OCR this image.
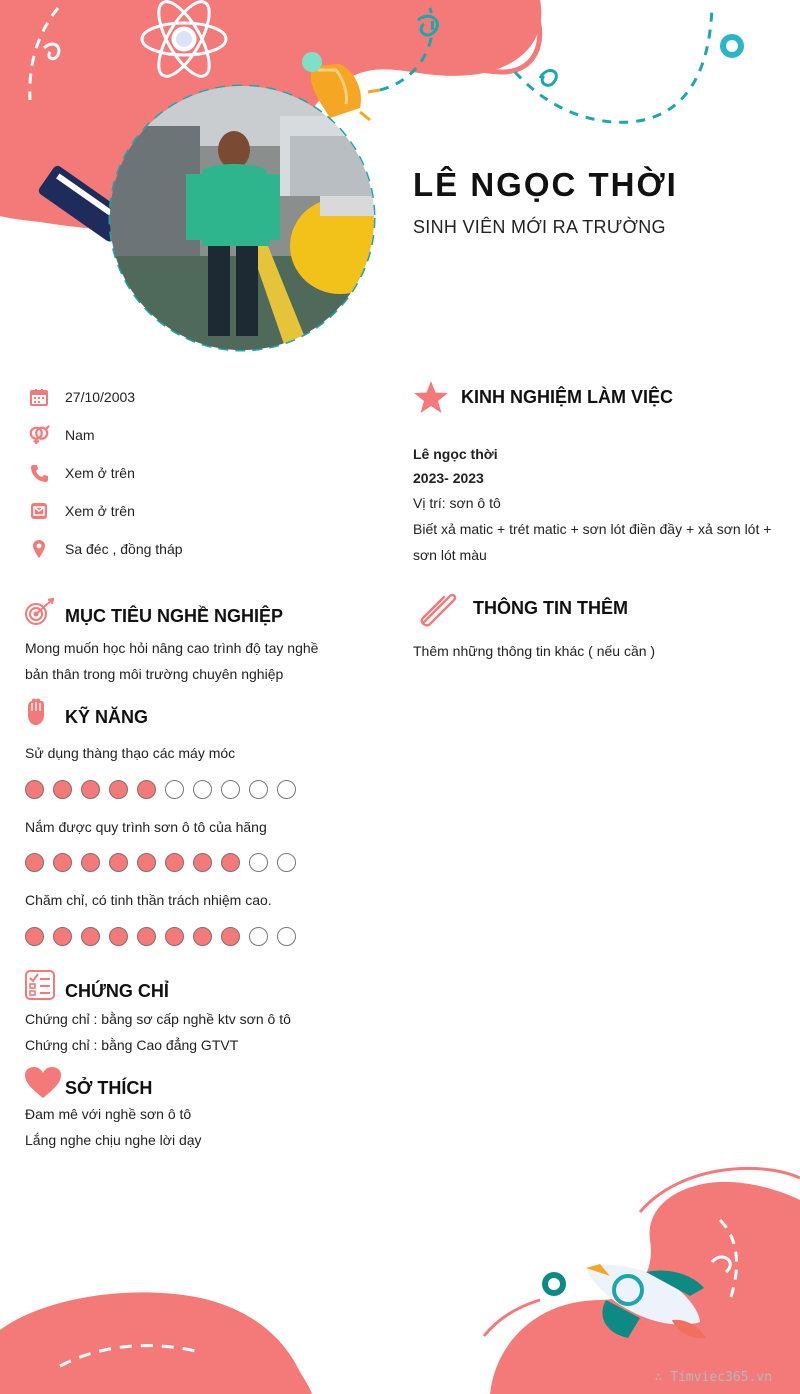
LÊ NGỌC THỜI
SINH VIÊN MỚI RA TRƯỜNG
27/10/2003
Nam
Xem ở trên
Xem ở trên
Sa đéc , đồng tháp
MỤC TIÊU NGHỀ NGHIỆP
Mong muốn học hỏi nâng cao trình độ tay nghề
bản thân trong môi trường chuyên nghiệp
KỸ NĂNG
Sử dụng thàng thạo các máy móc
Nắm được quy trình sơn ô tô của hãng
Chăm chỉ, có tinh thần trách nhiệm cao.
CHỨNG CHỈ
Chứng chỉ : bằng sơ cấp nghề ktv sơn ô tô
Chứng chỉ : bằng Cao đẳng GTVT
SỞ THÍCH
Đam mê với nghề sơn ô tô
Lắng nghe chịu nghe lời dạy
KINH NGHIỆM LÀM VIỆC
Lê ngọc thời
2023- 2023
Vị trí: sơn ô tô
Biết xả matic + trét matic + sơn lót điền đầy + xả sơn lót +
sơn lót màu
THÔNG TIN THÊM
Thêm những thông tin khác ( nếu cần )
∴ Timviec365.vn
